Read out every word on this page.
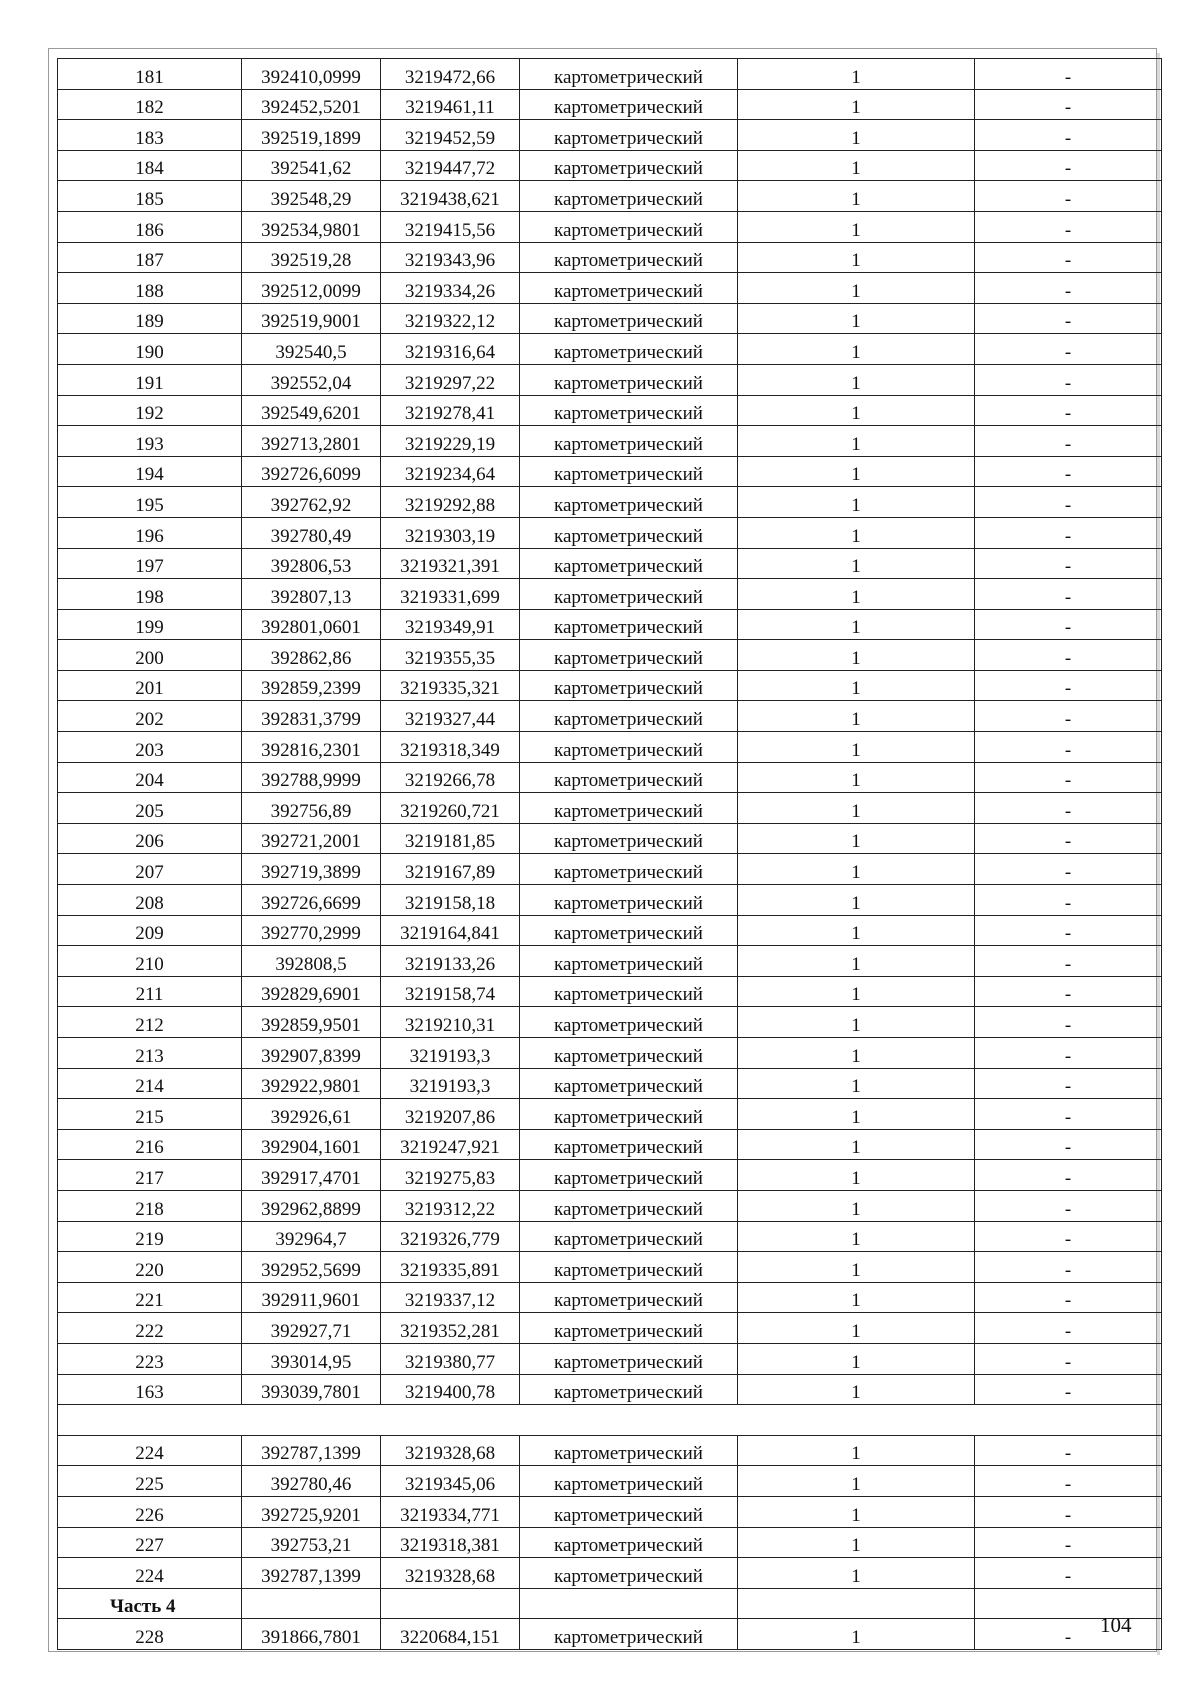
181	392410,0999	3219472,66	картометрический	1	-
182	392452,5201	3219461,11	картометрический	1	-
183	392519,1899	3219452,59	картометрический	1	-
184	392541,62	3219447,72	картометрический	1	-
185	392548,29	3219438,621	картометрический	1	-
186	392534,9801	3219415,56	картометрический	1	-
187	392519,28	3219343,96	картометрический	1	-
188	392512,0099	3219334,26	картометрический	1	-
189	392519,9001	3219322,12	картометрический	1	-
190	392540,5	3219316,64	картометрический	1	-
191	392552,04	3219297,22	картометрический	1	-
192	392549,6201	3219278,41	картометрический	1	-
193	392713,2801	3219229,19	картометрический	1	-
194	392726,6099	3219234,64	картометрический	1	-
195	392762,92	3219292,88	картометрический	1	-
196	392780,49	3219303,19	картометрический	1	-
197	392806,53	3219321,391	картометрический	1	-
198	392807,13	3219331,699	картометрический	1	-
199	392801,0601	3219349,91	картометрический	1	-
200	392862,86	3219355,35	картометрический	1	-
201	392859,2399	3219335,321	картометрический	1	-
202	392831,3799	3219327,44	картометрический	1	-
203	392816,2301	3219318,349	картометрический	1	-
204	392788,9999	3219266,78	картометрический	1	-
205	392756,89	3219260,721	картометрический	1	-
206	392721,2001	3219181,85	картометрический	1	-
207	392719,3899	3219167,89	картометрический	1	-
208	392726,6699	3219158,18	картометрический	1	-
209	392770,2999	3219164,841	картометрический	1	-
210	392808,5	3219133,26	картометрический	1	-
211	392829,6901	3219158,74	картометрический	1	-
212	392859,9501	3219210,31	картометрический	1	-
213	392907,8399	3219193,3	картометрический	1	-
214	392922,9801	3219193,3	картометрический	1	-
215	392926,61	3219207,86	картометрический	1	-
216	392904,1601	3219247,921	картометрический	1	-
217	392917,4701	3219275,83	картометрический	1	-
218	392962,8899	3219312,22	картометрический	1	-
219	392964,7	3219326,779	картометрический	1	-
220	392952,5699	3219335,891	картометрический	1	-
221	392911,9601	3219337,12	картометрический	1	-
222	392927,71	3219352,281	картометрический	1	-
223	393014,95	3219380,77	картометрический	1	-
163	393039,7801	3219400,78	картометрический	1	-

224	392787,1399	3219328,68	картометрический	1	-
225	392780,46	3219345,06	картометрический	1	-
226	392725,9201	3219334,771	картометрический	1	-
227	392753,21	3219318,381	картометрический	1	-
224	392787,1399	3219328,68	картометрический	1	-
Часть 4					
228	391866,7801	3220684,151	картометрический	1	-
104
